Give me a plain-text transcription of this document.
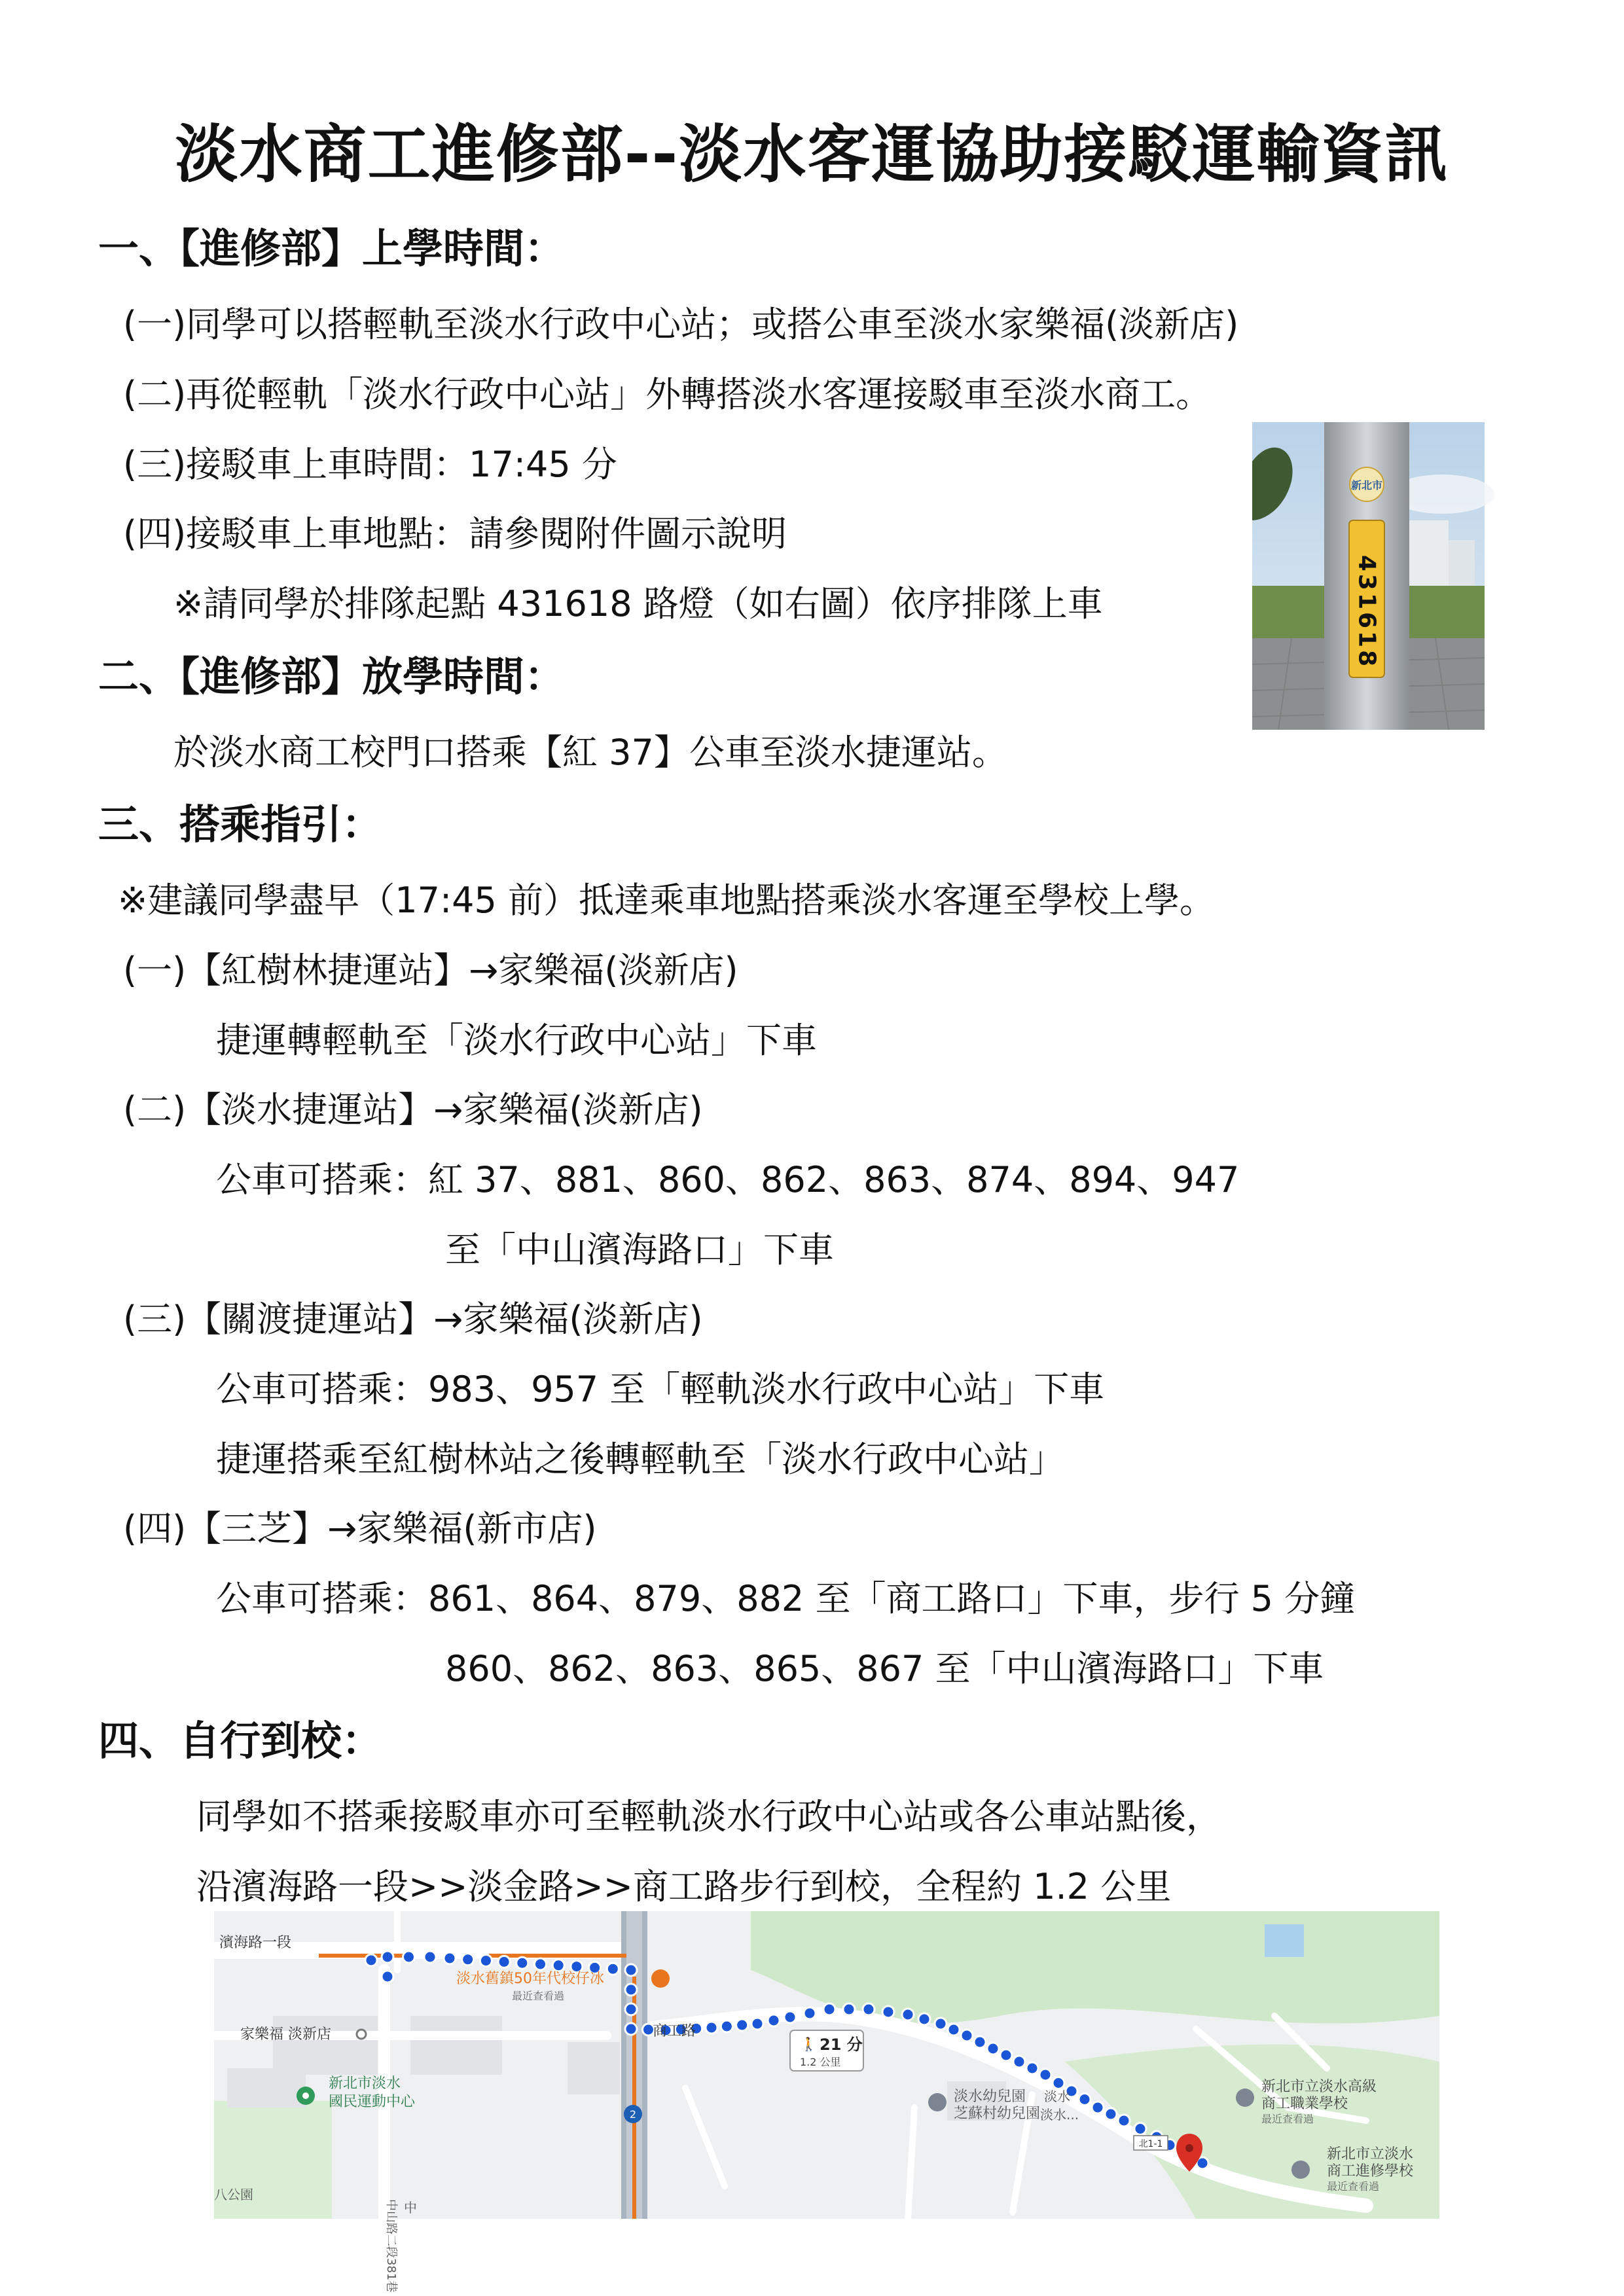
淡水商工進修部--淡水客運協助接駁運輸資訊
一、【進修部】上學時間：
(一)同學可以搭輕軌至淡水行政中心站；或搭公車至淡水家樂福(淡新店)
(二)再從輕軌「淡水行政中心站」外轉搭淡水客運接駁車至淡水商工。
(三)接駁車上車時間：17:45 分
(四)接駁車上車地點：請參閱附件圖示說明
※請同學於排隊起點 431618 路燈（如右圖）依序排隊上車
新北市
431618
二、【進修部】放學時間：
於淡水商工校門口搭乘【紅 37】公車至淡水捷運站。
三、搭乘指引：
※建議同學盡早（17:45 前）抵達乘車地點搭乘淡水客運至學校上學。
(一)【紅樹林捷運站】→家樂福(淡新店)
捷運轉輕軌至「淡水行政中心站」下車
(二)【淡水捷運站】→家樂福(淡新店)
公車可搭乘：紅 37、881、860、862、863、874、894、947
至「中山濱海路口」下車
(三)【關渡捷運站】→家樂福(淡新店)
公車可搭乘：983、957 至「輕軌淡水行政中心站」下車
捷運搭乘至紅樹林站之後轉輕軌至「淡水行政中心站」
(四)【三芝】→家樂福(新市店)
公車可搭乘：861、864、879、882 至「商工路口」下車，步行 5 分鐘
860、862、863、865、867 至「中山濱海路口」下車
四、自行到校：
同學如不搭乘接駁車亦可至輕軌淡水行政中心站或各公車站點後，
沿濱海路一段>>淡金路>>商工路步行到校，全程約 1.2 公里
2
濱海路一段
商工路
家樂福 淡新店
新北市淡水
國民運動中心
淡水舊鎮50年代校仔冰
最近查看過
🚶 21 分
1.2 公里
淡水幼兒園
芝蘇村幼兒園
淡水
淡水...
新北市立淡水高級
商工職業學校
最近查看過
新北市立淡水
商工進修學校
最近查看過
北1-1
中山路二段381巷
八公園
中
